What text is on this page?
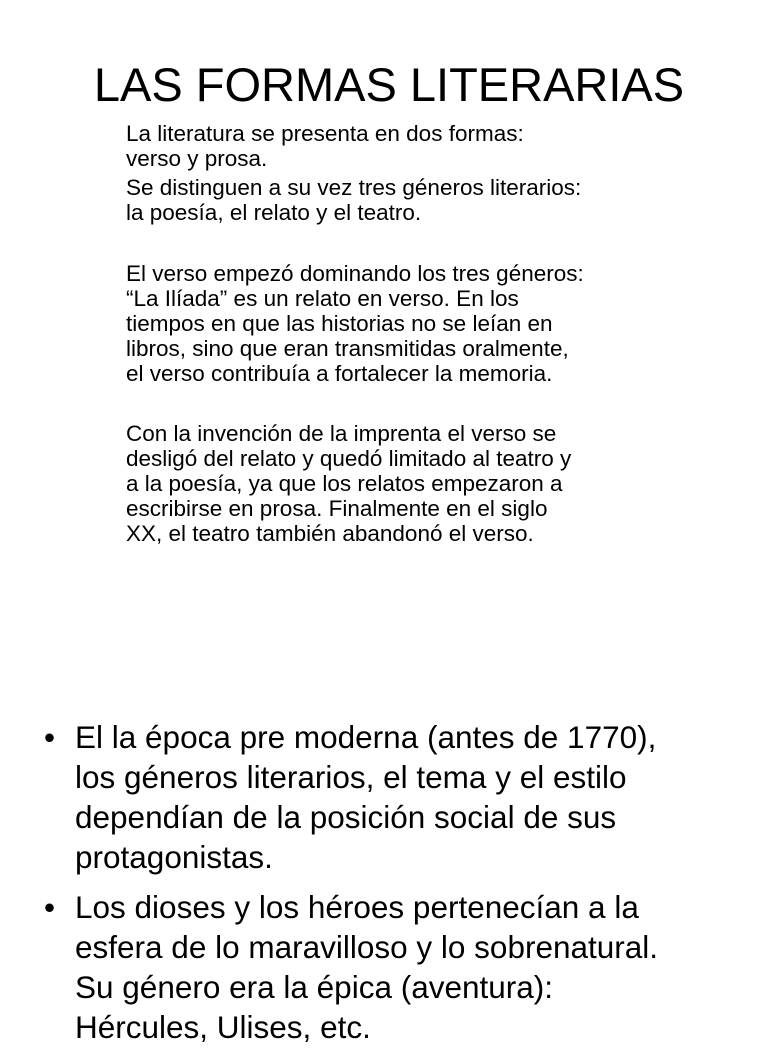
LAS FORMAS LITERARIAS
La literatura se presenta en dos formas:
verso y prosa.
Se distinguen a su vez tres géneros literarios:
la poesía, el relato y el teatro.
El verso empezó dominando los tres géneros:
“La Ilíada” es un relato en verso. En los
tiempos en que las historias no se leían en
libros, sino que eran transmitidas oralmente,
el verso contribuía a fortalecer la memoria.
Con la invención de la imprenta el verso se
desligó del relato y quedó limitado al teatro y
a la poesía, ya que los relatos empezaron a
escribirse en prosa. Finalmente en el siglo
XX, el teatro también abandonó el verso.
• El la época pre moderna (antes de 1770),
los géneros literarios, el tema y el estilo
dependían de la posición social de sus
protagonistas.
• Los dioses y los héroes pertenecían a la
esfera de lo maravilloso y lo sobrenatural.
Su género era la épica (aventura):
Hércules, Ulises, etc.
